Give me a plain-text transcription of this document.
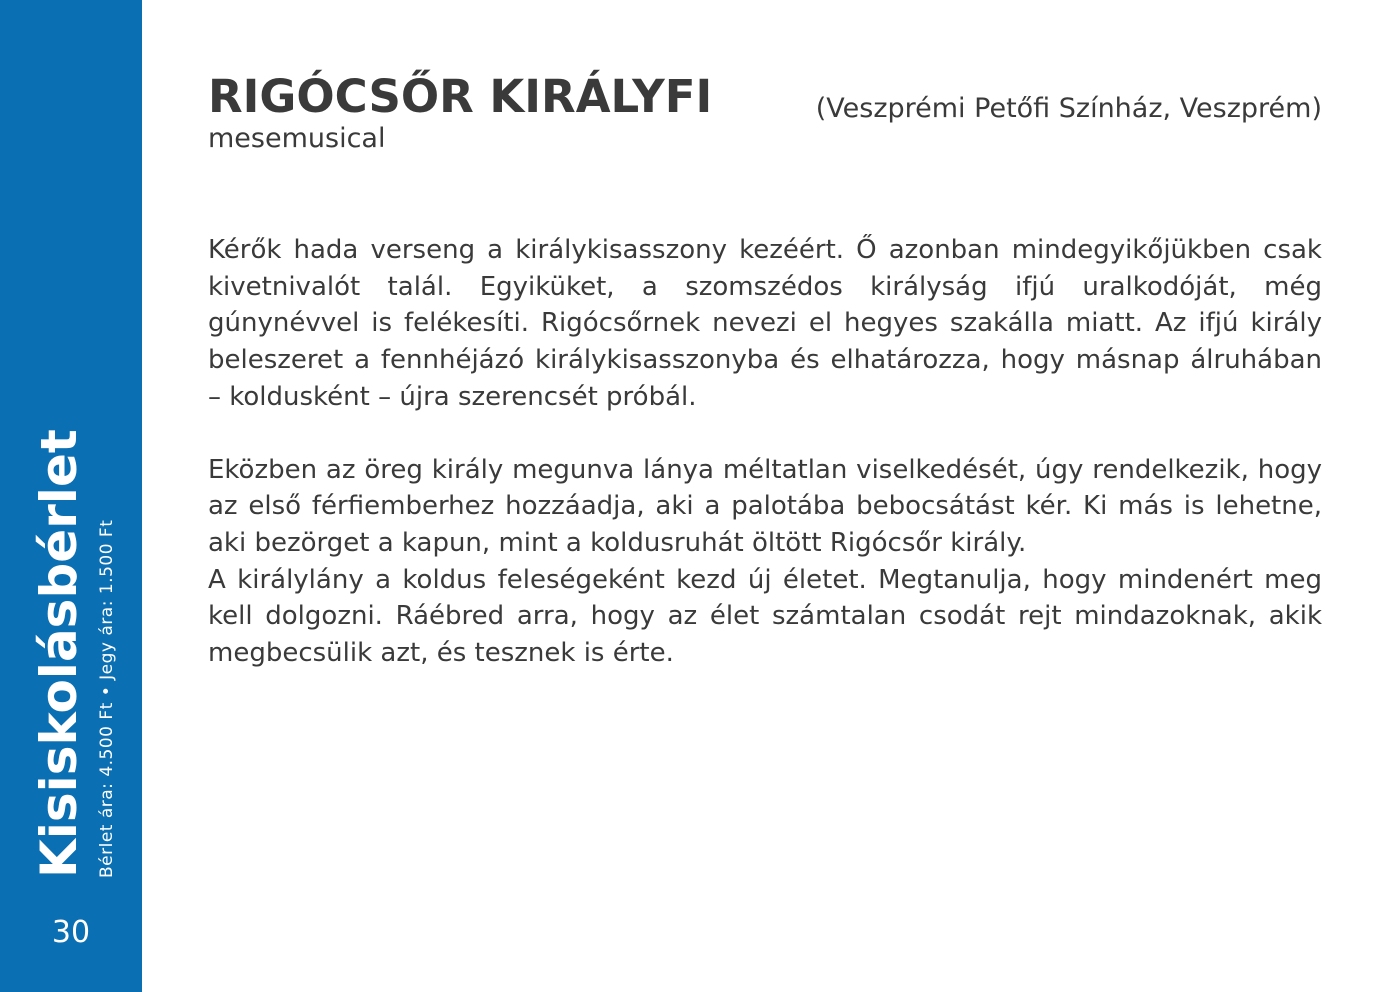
Kisiskolásbérlet Bérlet ára: 4.500 Ft • Jegy ára: 1.500 Ft
30
RIGÓCSŐR KIRÁLYFI
mesemusical
(Veszprémi Petőfi Színház, Veszprém)

Kérők hada verseng a királykisasszony kezéért. Ő azonban mindegyikőjükben csak kivetnivalót talál. Egyiküket, a szomszédos királyság ifjú uralkodóját, még gúnynévvel is felékesíti. Rigócsőrnek nevezi el hegyes szakálla miatt. Az ifjú király beleszeret a fennhéjázó királykisasszonyba és elhatározza, hogy másnap álruhában – koldusként – újra szerencsét próbál.

Eközben az öreg király megunva lánya méltatlan viselkedését, úgy rendelkezik, hogy az első férfiemberhez hozzáadja, aki a palotába bebocsátást kér. Ki más is lehetne, aki bezörget a kapun, mint a koldusruhát öltött Rigócsőr király.

A királylány a koldus feleségeként kezd új életet. Megtanulja, hogy mindenért meg kell dolgozni. Ráébred arra, hogy az élet számtalan csodát rejt mindazoknak, akik megbecsülik azt, és tesznek is érte.
